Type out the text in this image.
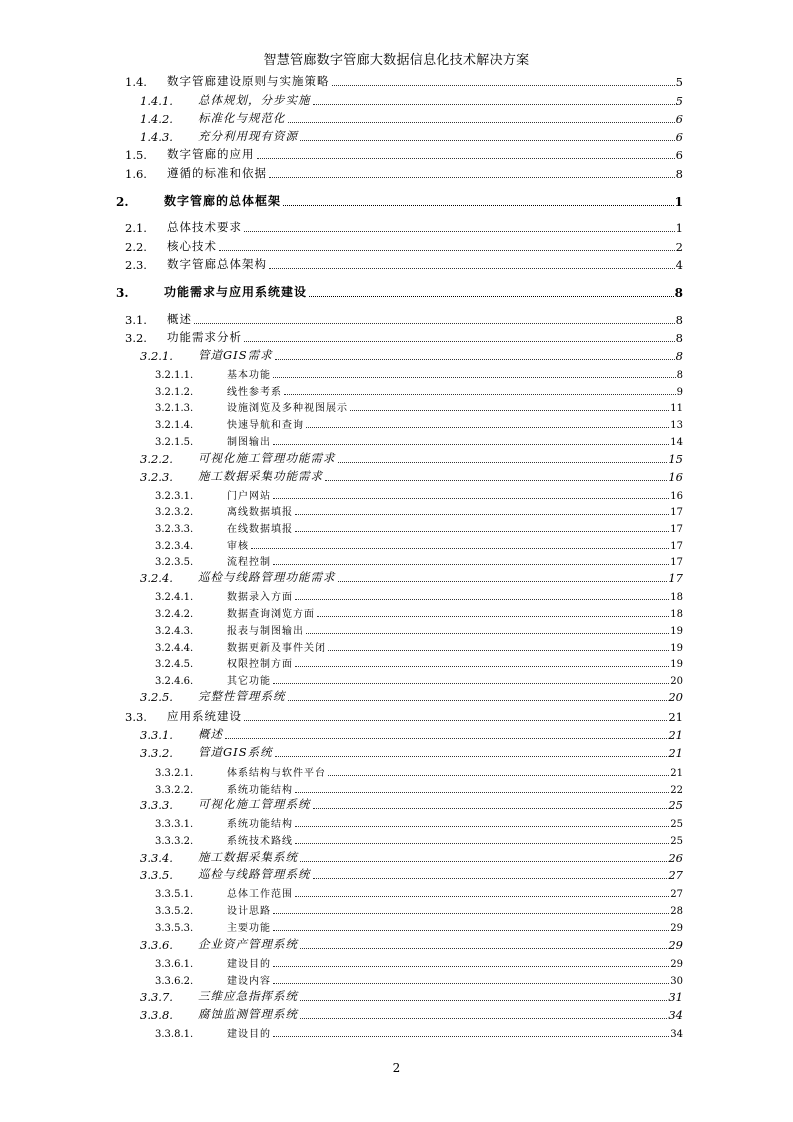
智慧管廊数字管廊大数据信息化技术解决方案
1.4.	数字管廊建设原则与实施策略	5
1.4.1.	总体规划，分步实施	5
1.4.2.	标准化与规范化	6
1.4.3.	充分利用现有资源	6
1.5.	数字管廊的应用	6
1.6.	遵循的标准和依据	8
2.	数字管廊的总体框架	1
2.1.	总体技术要求	1
2.2.	核心技术	2
2.3.	数字管廊总体架构	4
3.	功能需求与应用系统建设	8
3.1.	概述	8
3.2.	功能需求分析	8
3.2.1.	管道GIS需求	8
3.2.1.1.	基本功能	8
3.2.1.2.	线性参考系	9
3.2.1.3.	设施浏览及多种视图展示	11
3.2.1.4.	快速导航和查询	13
3.2.1.5.	制图输出	14
3.2.2.	可视化施工管理功能需求	15
3.2.3.	施工数据采集功能需求	16
3.2.3.1.	门户网站	16
3.2.3.2.	离线数据填报	17
3.2.3.3.	在线数据填报	17
3.2.3.4.	审核	17
3.2.3.5.	流程控制	17
3.2.4.	巡检与线路管理功能需求	17
3.2.4.1.	数据录入方面	18
3.2.4.2.	数据查询浏览方面	18
3.2.4.3.	报表与制图输出	19
3.2.4.4.	数据更新及事件关闭	19
3.2.4.5.	权限控制方面	19
3.2.4.6.	其它功能	20
3.2.5.	完整性管理系统	20
3.3.	应用系统建设	21
3.3.1.	概述	21
3.3.2.	管道GIS系统	21
3.3.2.1.	体系结构与软件平台	21
3.3.2.2.	系统功能结构	22
3.3.3.	可视化施工管理系统	25
3.3.3.1.	系统功能结构	25
3.3.3.2.	系统技术路线	25
3.3.4.	施工数据采集系统	26
3.3.5.	巡检与线路管理系统	27
3.3.5.1.	总体工作范围	27
3.3.5.2.	设计思路	28
3.3.5.3.	主要功能	29
3.3.6.	企业资产管理系统	29
3.3.6.1.	建设目的	29
3.3.6.2.	建设内容	30
3.3.7.	三维应急指挥系统	31
3.3.8.	腐蚀监测管理系统	34
3.3.8.1.	建设目的	34
2
